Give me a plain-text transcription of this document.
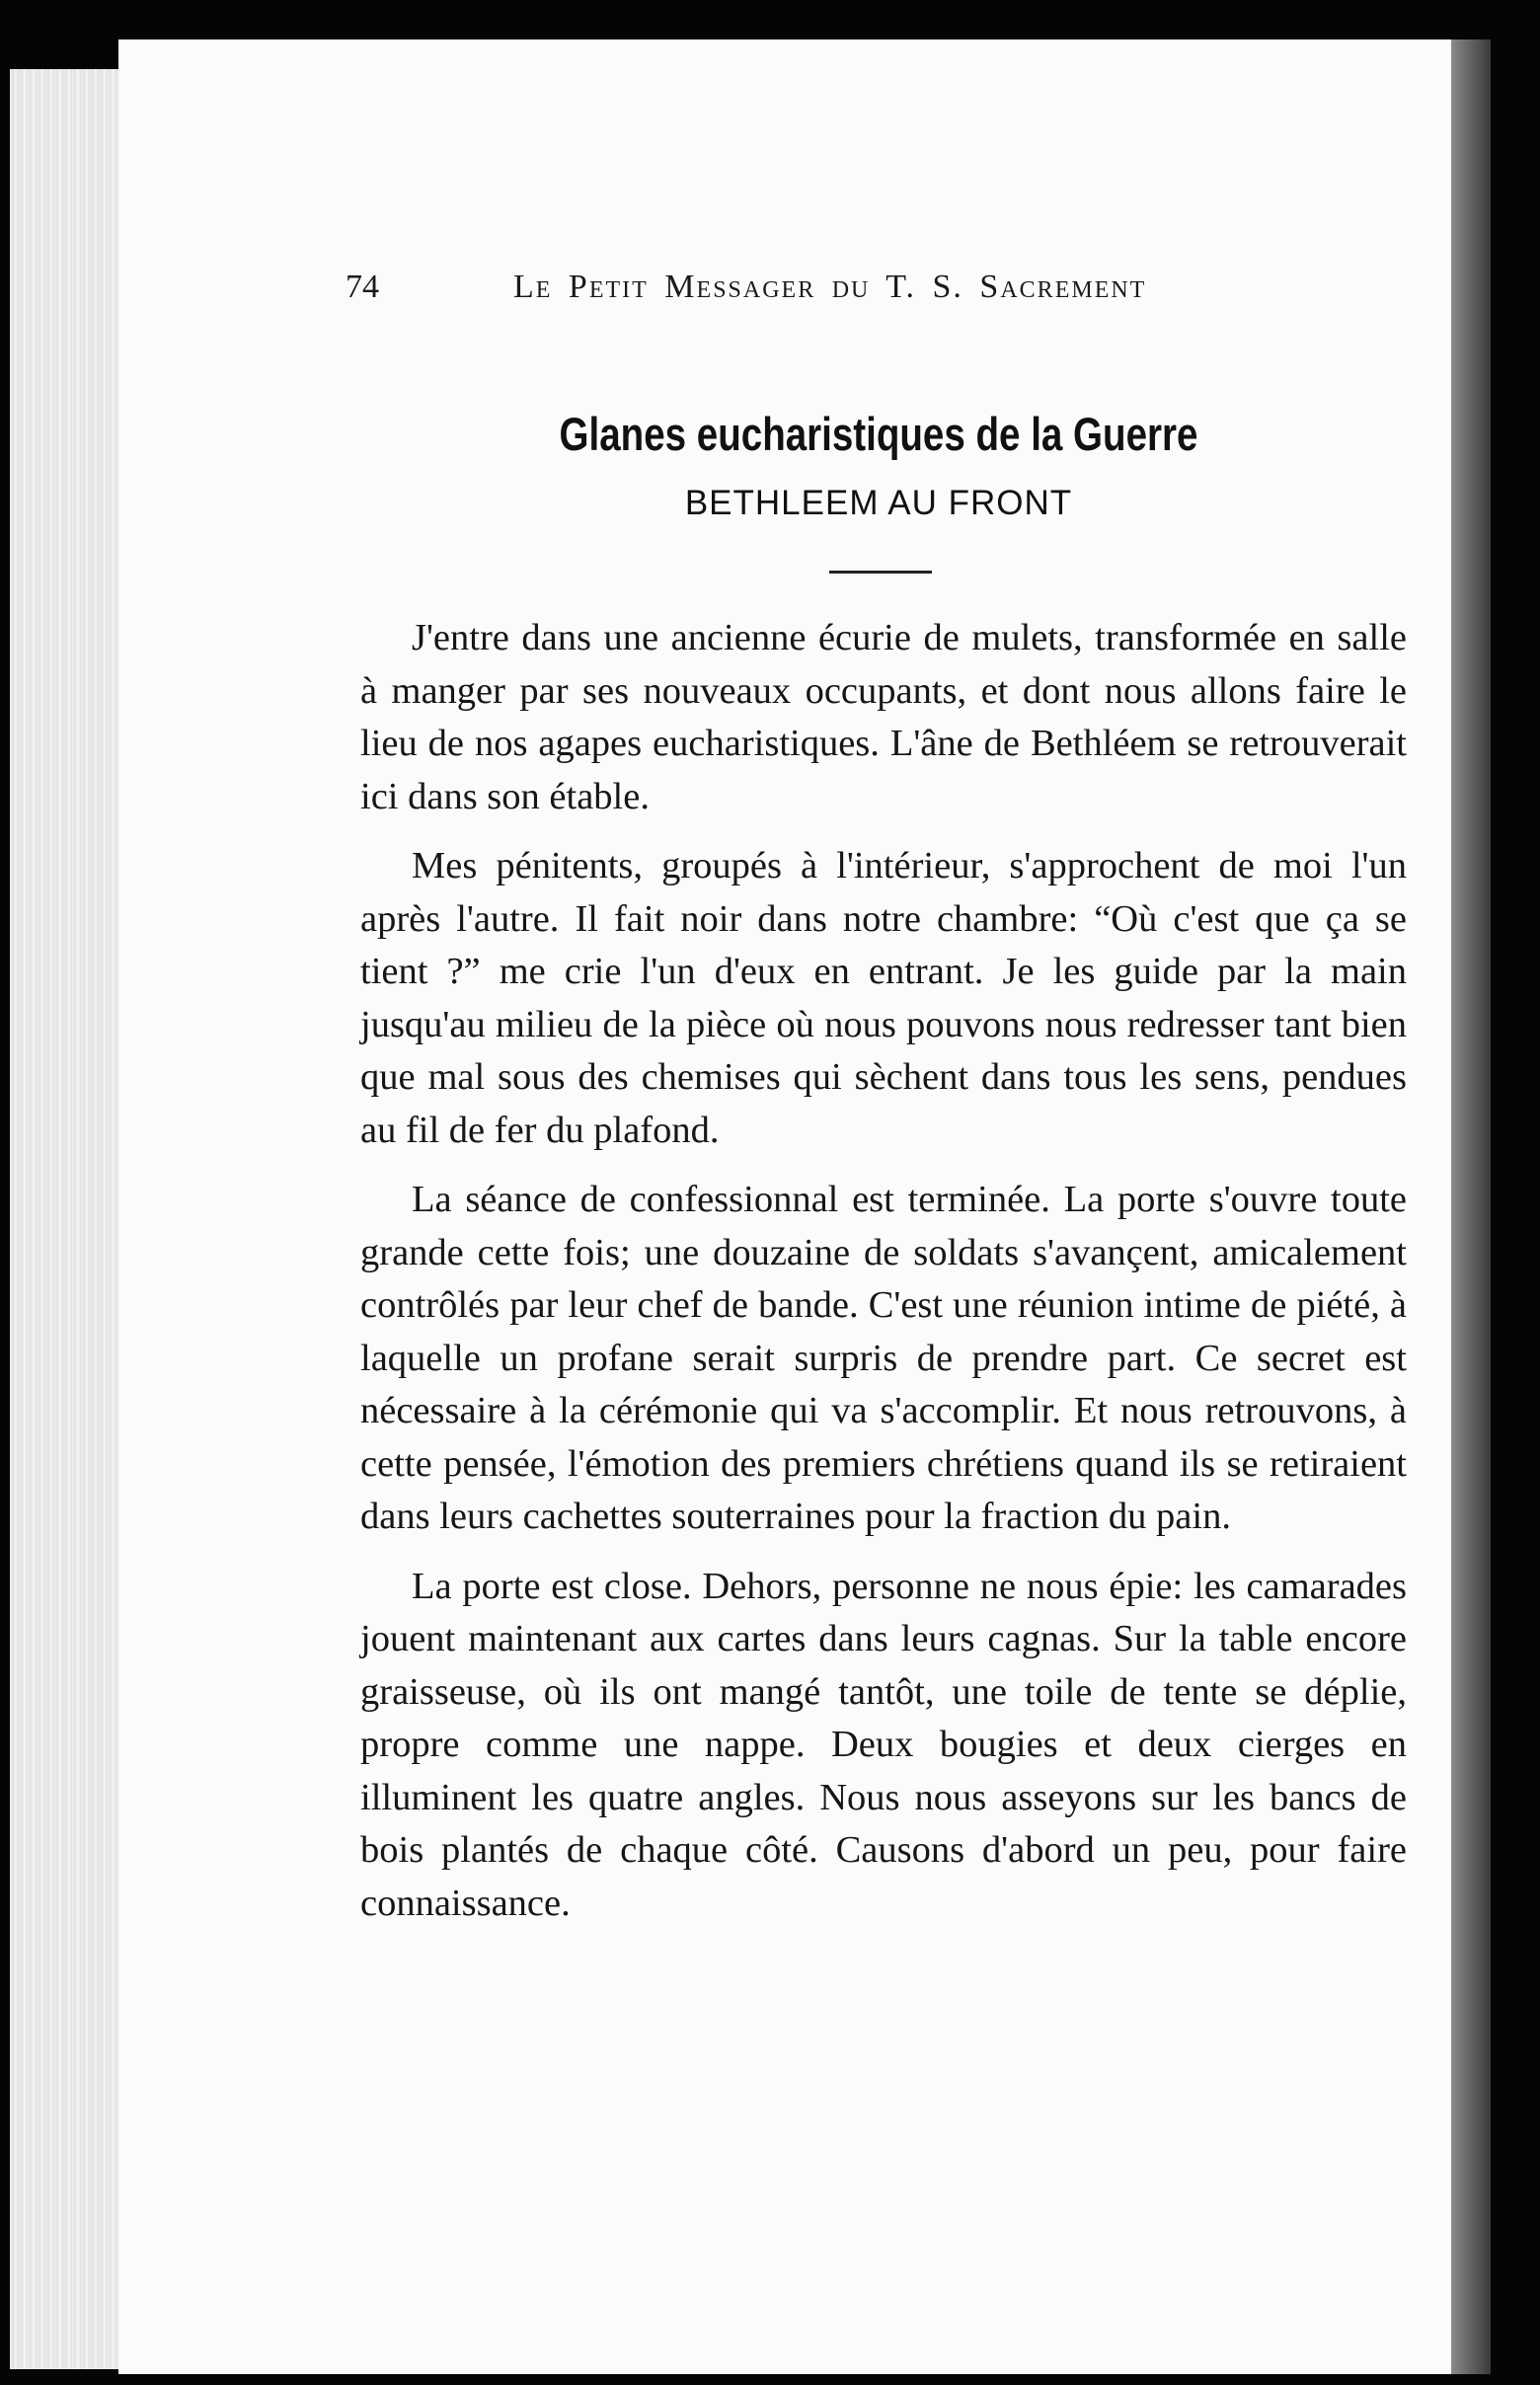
74	Le Petit Messager du T. S. Sacrement
Glanes eucharistiques de la Guerre
BETHLEEM AU FRONT

J'entre dans une ancienne écurie de mulets, transformée en salle à manger par ses nouveaux occupants, et dont nous allons faire le lieu de nos agapes eucharistiques. L'âne de Bethléem se retrouverait ici dans son étable.

Mes pénitents, groupés à l'intérieur, s'approchent de moi l'un après l'autre. Il fait noir dans notre chambre: “Où c'est que ça se tient ?” me crie l'un d'eux en entrant. Je les guide par la main jusqu'au milieu de la pièce où nous pouvons nous redresser tant bien que mal sous des chemises qui sèchent dans tous les sens, pendues au fil de fer du plafond.

La séance de confessionnal est terminée. La porte s'ouvre toute grande cette fois; une douzaine de soldats s'avançent, amicalement contrôlés par leur chef de bande. C'est une réunion intime de piété, à laquelle un profane serait surpris de prendre part. Ce secret est nécessaire à la cérémonie qui va s'accomplir. Et nous retrouvons, à cette pensée, l'émotion des premiers chrétiens quand ils se retiraient dans leurs cachettes souterraines pour la fraction du pain.

La porte est close. Dehors, personne ne nous épie: les camarades jouent maintenant aux cartes dans leurs cagnas. Sur la table encore graisseuse, où ils ont mangé tantôt, une toile de tente se déplie, propre comme une nappe. Deux bougies et deux cierges en illuminent les quatre angles. Nous nous asseyons sur les bancs de bois plantés de chaque côté. Causons d'abord un peu, pour faire connaissance.
